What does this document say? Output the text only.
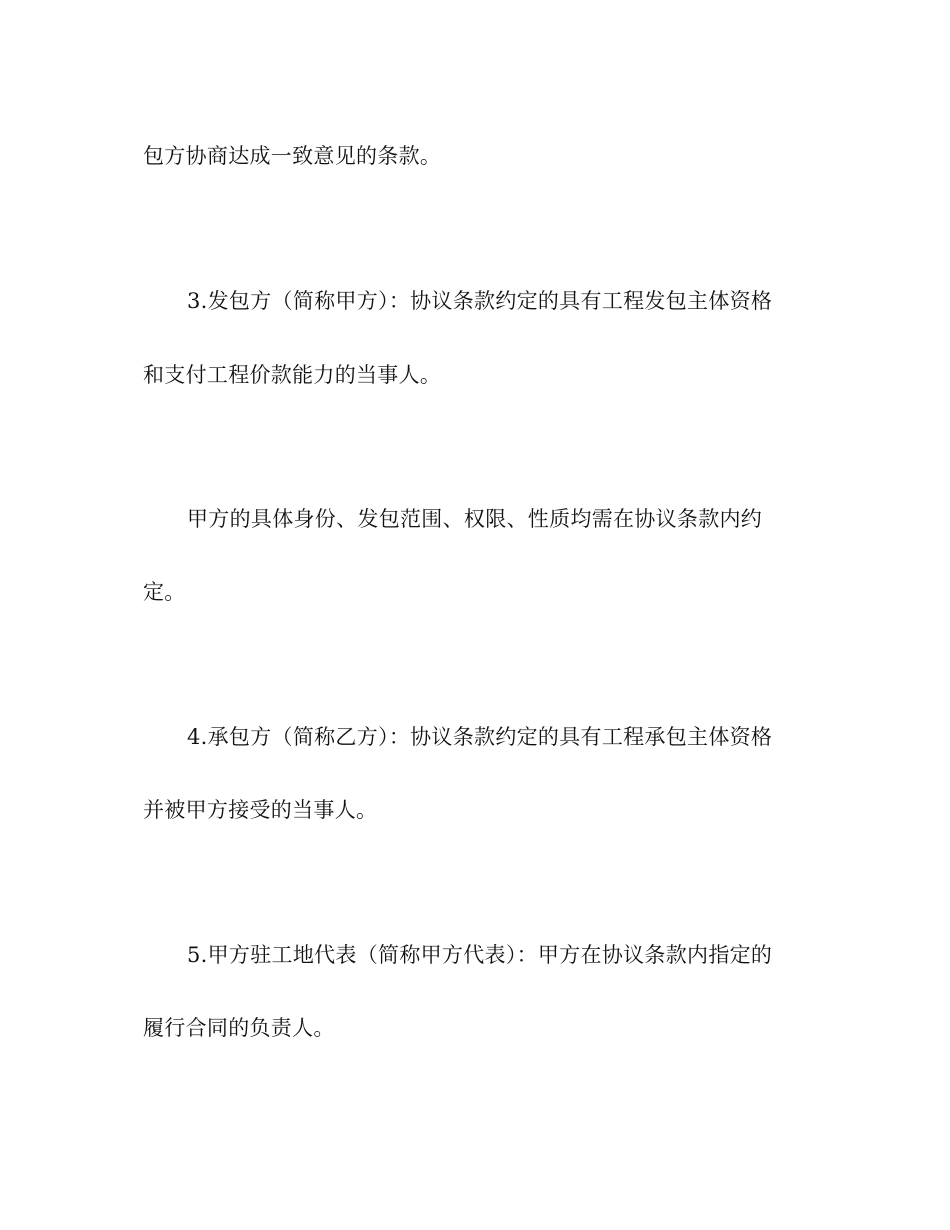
包方协商达成一致意见的条款。
3.发包方（简称甲方）：协议条款约定的具有工程发包主体资格
和支付工程价款能力的当事人。
甲方的具体身份、发包范围、权限、性质均需在协议条款内约
定。
4.承包方（简称乙方）：协议条款约定的具有工程承包主体资格
并被甲方接受的当事人。
5.甲方驻工地代表（简称甲方代表）：甲方在协议条款内指定的
履行合同的负责人。
